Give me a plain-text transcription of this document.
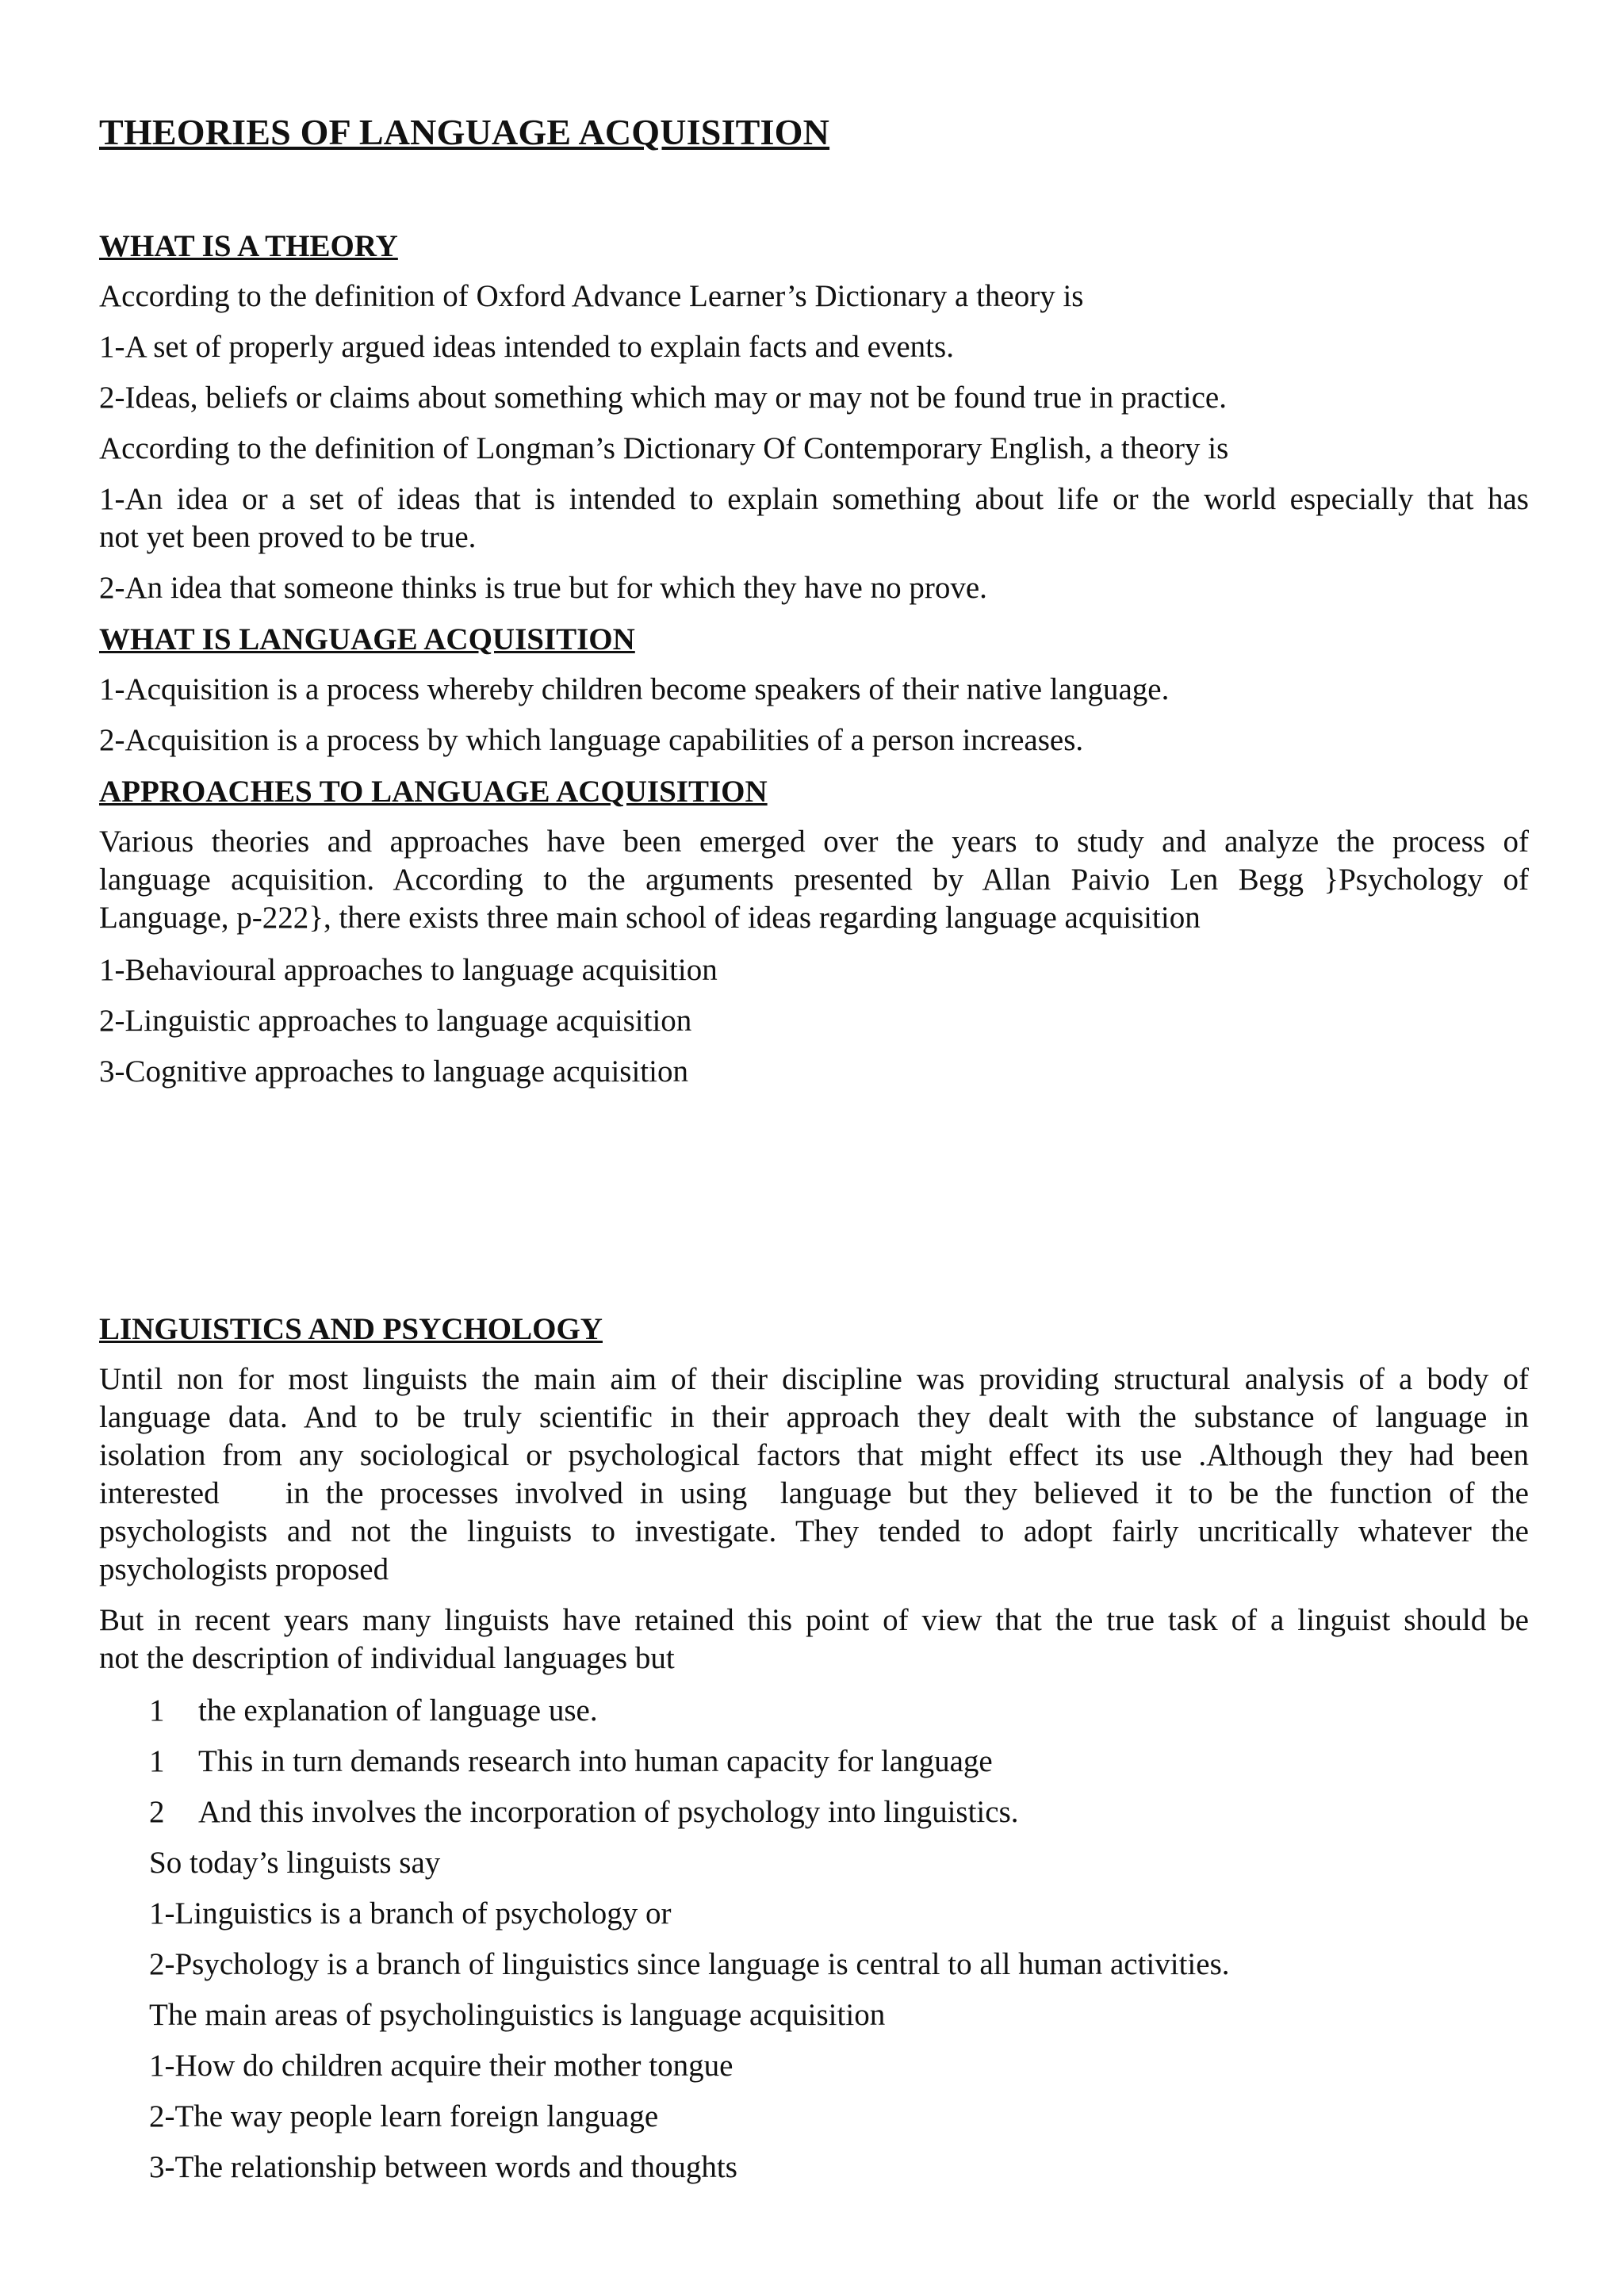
THEORIES OF LANGUAGE ACQUISITION
WHAT IS A THEORY
According to the definition of Oxford Advance Learner’s Dictionary a theory is
1-A set of properly argued ideas intended to explain facts and events.
2-Ideas, beliefs or claims about something which may or may not be found true in practice.
According to the definition of Longman’s Dictionary Of Contemporary English, a theory is
1-An idea or a set of ideas that is intended to explain something about life or the world especially that has
not yet been proved to be true.
2-An idea that someone thinks is true but for which they have no prove.
WHAT IS LANGUAGE ACQUISITION
1-Acquisition is a process whereby children become speakers of their native language.
2-Acquisition is a process by which language capabilities of a person increases.
APPROACHES TO LANGUAGE ACQUISITION
Various theories and approaches have been emerged over the years to study and analyze the process of
language acquisition. According to the arguments presented by Allan Paivio Len Begg }Psychology of
Language, p-222}, there exists three main school of ideas regarding language acquisition
1-Behavioural approaches to language acquisition
2-Linguistic approaches to language acquisition
3-Cognitive approaches to language acquisition
LINGUISTICS AND PSYCHOLOGY
Until non for most linguists the main aim of their discipline was providing structural analysis of a body of
language data. And to be truly scientific in their approach they dealt with the substance of language in
isolation from any sociological or psychological factors that might effect its use .Although they had been
interested    in the processes involved in using  language but they believed it to be the function of the
psychologists and not the linguists to investigate. They tended to adopt fairly uncritically whatever the
psychologists proposed
But in recent years many linguists have retained this point of view that the true task of a linguist should be
not the description of individual languages but
1 the explanation of language use.
1 This in turn demands research into human capacity for language
2 And this involves the incorporation of psychology into linguistics.
So today’s linguists say
1-Linguistics is a branch of psychology or
2-Psychology is a branch of linguistics since language is central to all human activities.
The main areas of psycholinguistics is language acquisition
1-How do children acquire their mother tongue
2-The way people learn foreign language
3-The relationship between words and thoughts
